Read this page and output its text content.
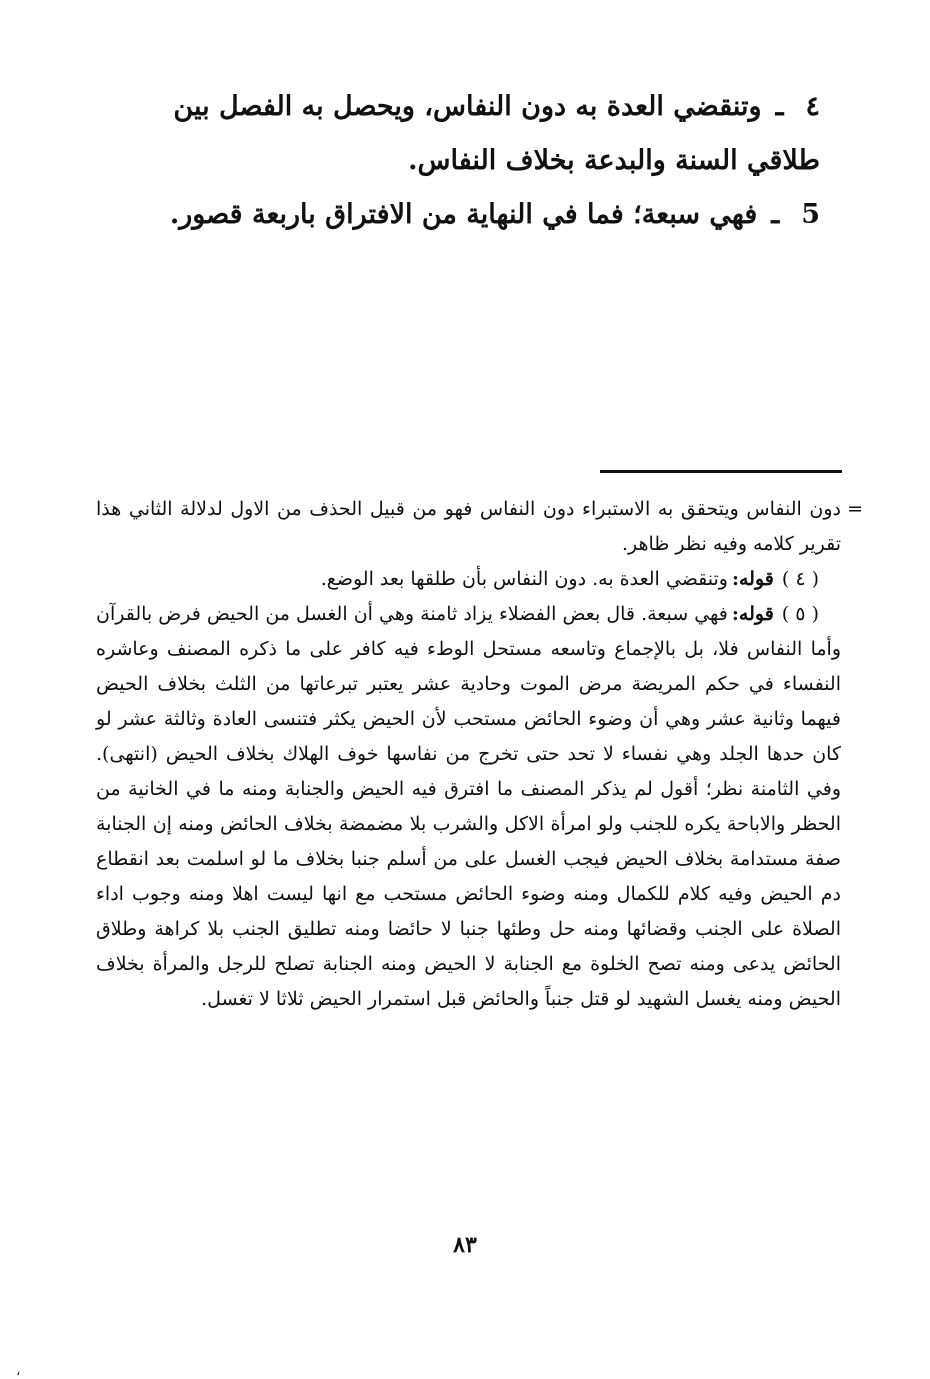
٤ـوتنقضي العدة به دون النفاس، ويحصل به الفصل بين طلاقي السنة والبدعة بخلاف النفاس.

5ـفهي سبعة؛ فما في النهاية من الافتراق باربعة قصور.

=
دون النفاس ويتحقق به الاستبراء دون النفاس فهو من قبيل الحذف من الاول لدلالة الثاني هذا تقرير كلامه وفيه نظر ظاهر.

( ٤ )قوله:وتنقضي العدة به. دون النفاس بأن طلقها بعد الوضع.

( ٥ )قوله:فهي سبعة. قال بعض الفضلاء يزاد ثامنة وهي أن الغسل من الحيض فرض بالقرآن وأما النفاس فلا، بل بالإجماع وتاسعه مستحل الوطء فيه كافر على ما ذكره المصنف وعاشره النفساء في حكم المريضة مرض الموت وحادية عشر يعتبر تبرعاتها من الثلث بخلاف الحيض فيهما وثانية عشر وهي أن وضوء الحائض مستحب لأن الحيض يكثر فتنسى العادة وثالثة عشر لو كان حدها الجلد وهي نفساء لا تحد حتى تخرج من نفاسها خوف الهلاك بخلاف الحيض (انتهى). وفي الثامنة نظر؛ أقول لم يذكر المصنف ما افترق فيه الحيض والجنابة ومنه ما في الخانية من الحظر والاباحة يكره للجنب ولو امرأة الاكل والشرب بلا مضمضة بخلاف الحائض ومنه إن الجنابة صفة مستدامة بخلاف الحيض فيجب الغسل على من أسلم جنبا بخلاف ما لو اسلمت بعد انقطاع دم الحيض وفيه كلام للكمال ومنه وضوء الحائض مستحب مع انها ليست اهلا ومنه وجوب اداء الصلاة على الجنب وقضائها ومنه حل وطئها جنبا لا حائضا ومنه تطليق الجنب بلا كراهة وطلاق الحائض يدعى ومنه تصح الخلوة مع الجنابة لا الحيض ومنه الجنابة تصلح للرجل والمرأة بخلاف الحيض ومنه يغسل الشهيد لو قتل جنباً والحائض قبل استمرار الحيض ثلاثا لا تغسل.

٨٣
،
